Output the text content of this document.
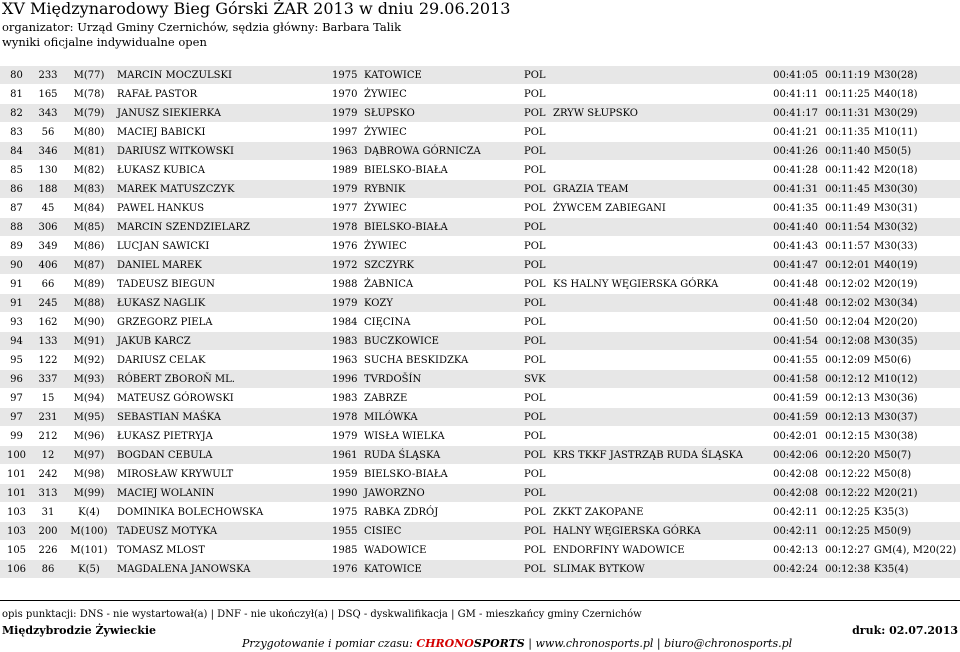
XV Międzynarodowy Bieg Górski ŻAR 2013 w dniu 29.06.2013
organizator: Urząd Gminy Czernichów, sędzia główny: Barbara Talik
wyniki oficjalne indywidualne open
80	233	M(77)	MARCIN MOCZULSKI	1975	KATOWICE	POL		00:41:05	00:11:19	M30(28)
81	165	M(78)	RAFAŁ PASTOR	1970	ŻYWIEC	POL		00:41:11	00:11:25	M40(18)
82	343	M(79)	JANUSZ SIEKIERKA	1979	SŁUPSKO	POL	ZRYW SŁUPSKO	00:41:17	00:11:31	M30(29)
83	56	M(80)	MACIEJ BABICKI	1997	ŻYWIEC	POL		00:41:21	00:11:35	M10(11)
84	346	M(81)	DARIUSZ WITKOWSKI	1963	DĄBROWA GÓRNICZA	POL		00:41:26	00:11:40	M50(5)
85	130	M(82)	ŁUKASZ KUBICA	1989	BIELSKO-BIAŁA	POL		00:41:28	00:11:42	M20(18)
86	188	M(83)	MAREK MATUSZCZYK	1979	RYBNIK	POL	GRAZIA TEAM	00:41:31	00:11:45	M30(30)
87	45	M(84)	PAWEL HANKUS	1977	ŻYWIEC	POL	ŻYWCEM ZABIEGANI	00:41:35	00:11:49	M30(31)
88	306	M(85)	MARCIN SZENDZIELARZ	1978	BIELSKO-BIAŁA	POL		00:41:40	00:11:54	M30(32)
89	349	M(86)	LUCJAN SAWICKI	1976	ŻYWIEC	POL		00:41:43	00:11:57	M30(33)
90	406	M(87)	DANIEL MAREK	1972	SZCZYRK	POL		00:41:47	00:12:01	M40(19)
91	66	M(89)	TADEUSZ BIEGUN	1988	ŻABNICA	POL	KS HALNY WĘGIERSKA GÓRKA	00:41:48	00:12:02	M20(19)
91	245	M(88)	ŁUKASZ NAGLIK	1979	KOZY	POL		00:41:48	00:12:02	M30(34)
93	162	M(90)	GRZEGORZ PIELA	1984	CIĘCINA	POL		00:41:50	00:12:04	M20(20)
94	133	M(91)	JAKUB KARCZ	1983	BUCZKOWICE	POL		00:41:54	00:12:08	M30(35)
95	122	M(92)	DARIUSZ CELAK	1963	SUCHA BESKIDZKA	POL		00:41:55	00:12:09	M50(6)
96	337	M(93)	RÓBERT ZBOROŇ ML.	1996	TVRDOŠÍN	SVK		00:41:58	00:12:12	M10(12)
97	15	M(94)	MATEUSZ GÓROWSKI	1983	ZABRZE	POL		00:41:59	00:12:13	M30(36)
97	231	M(95)	SEBASTIAN MAŚKA	1978	MILÓWKA	POL		00:41:59	00:12:13	M30(37)
99	212	M(96)	ŁUKASZ PIETRYJA	1979	WISŁA WIELKA	POL		00:42:01	00:12:15	M30(38)
100	12	M(97)	BOGDAN CEBULA	1961	RUDA ŚLĄSKA	POL	KRS TKKF JASTRZĄB RUDA ŚLĄSKA	00:42:06	00:12:20	M50(7)
101	242	M(98)	MIROSŁAW KRYWULT	1959	BIELSKO-BIAŁA	POL		00:42:08	00:12:22	M50(8)
101	313	M(99)	MACIEJ WOLANIN	1990	JAWORZNO	POL		00:42:08	00:12:22	M20(21)
103	31	K(4)	DOMINIKA BOLECHOWSKA	1975	RABKA ZDRÓJ	POL	ZKKT ZAKOPANE	00:42:11	00:12:25	K35(3)
103	200	M(100)	TADEUSZ MOTYKA	1955	CISIEC	POL	HALNY WĘGIERSKA GÓRKA	00:42:11	00:12:25	M50(9)
105	226	M(101)	TOMASZ MLOST	1985	WADOWICE	POL	ENDORFINY WADOWICE	00:42:13	00:12:27	GM(4), M20(22)
106	86	K(5)	MAGDALENA JANOWSKA	1976	KATOWICE	POL	SLIMAK BYTKOW	00:42:24	00:12:38	K35(4)
opis punktacji: DNS - nie wystartował(a) | DNF - nie ukończył(a) | DSQ - dyskwalifikacja | GM - mieszkańcy gminy Czernichów
Międzybrodzie Żywieckie
Przygotowanie i pomiar czasu: CHRONOSPORTS | www.chronosports.pl | biuro@chronosports.pl
druk: 02.07.2013
